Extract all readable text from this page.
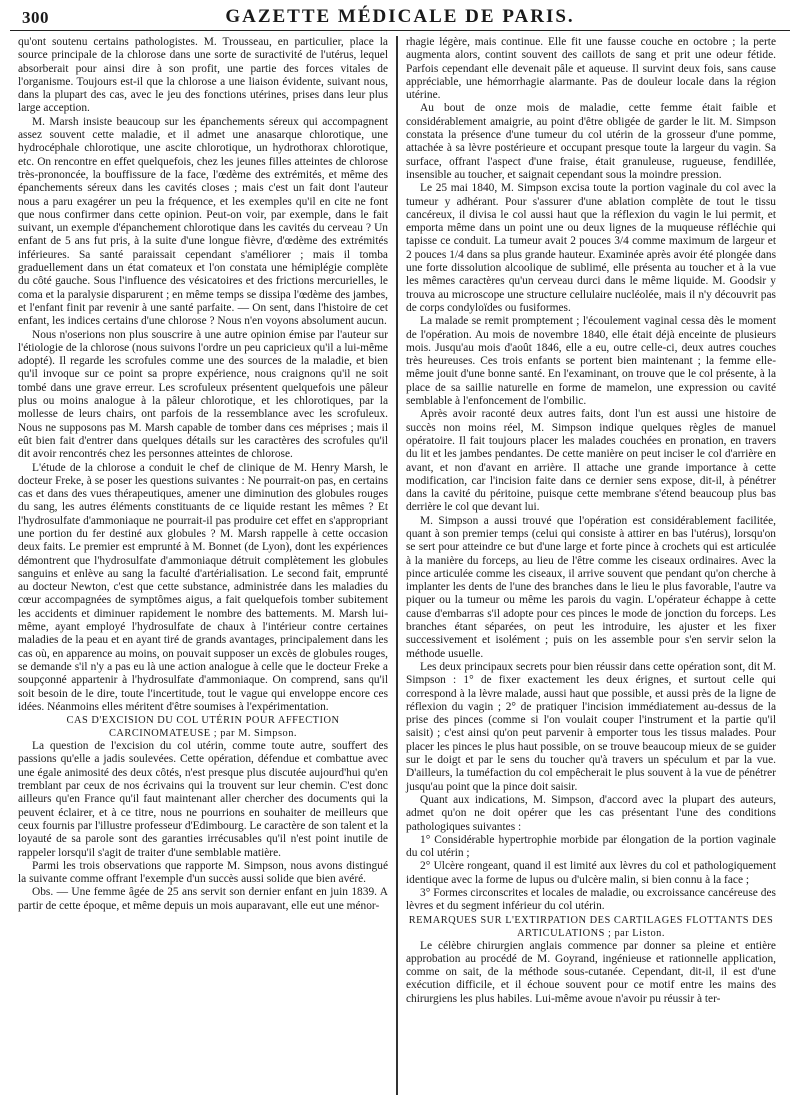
300	GAZETTE MÉDICALE DE PARIS.

qu'ont soutenu certains pathologistes. M. Trousseau, en particulier, place la source principale de la chlorose dans une sorte de suractivité de l'utérus, lequel absorberait pour ainsi dire à son profit, une partie des forces vitales de l'organisme. Toujours est-il que la chlorose a une liaison évidente, suivant nous, dans la plupart des cas, avec le jeu des fonctions utérines, prises dans leur plus large acception.

M. Marsh insiste beaucoup sur les épanchements séreux qui accompagnent assez souvent cette maladie, et il admet une anasarque chlorotique, une hydrocéphale chlorotique, une ascite chlorotique, un hydrothorax chlorotique, etc. On rencontre en effet quelquefois, chez les jeunes filles atteintes de chlorose très-prononcée, la bouffissure de la face, l'œdème des extrémités, et même des épanchements séreux dans les cavités closes ; mais c'est un fait dont l'auteur nous a paru exagérer un peu la fréquence, et les exemples qu'il en cite ne font que nous confirmer dans cette opinion. Peut-on voir, par exemple, dans le fait suivant, un exemple d'épanchement chlorotique dans les cavités du cerveau ? Un enfant de 5 ans fut pris, à la suite d'une longue fièvre, d'œdème des extrémités inférieures. Sa santé paraissait cependant s'améliorer ; mais il tomba graduellement dans un état comateux et l'on constata une hémiplégie complète du côté gauche. Sous l'influence des vésicatoires et des frictions mercurielles, le coma et la paralysie disparurent ; en même temps se dissipa l'œdème des jambes, et l'enfant finit par revenir à une santé parfaite. — On sent, dans l'histoire de cet enfant, les indices certains d'une chlorose ? Nous n'en voyons absolument aucun.

Nous n'oserions non plus souscrire à une autre opinion émise par l'auteur sur l'étiologie de la chlorose (nous suivons l'ordre un peu capricieux qu'il a lui-même adopté). Il regarde les scrofules comme une des sources de la maladie, et bien qu'il invoque sur ce point sa propre expérience, nous craignons qu'il ne soit tombé dans une grave erreur. Les scrofuleux présentent quelquefois une pâleur plus ou moins analogue à la pâleur chlorotique, et les chlorotiques, par la mollesse de leurs chairs, ont parfois de la ressemblance avec les scrofuleux. Nous ne supposons pas M. Marsh capable de tomber dans ces méprises ; mais il eût bien fait d'entrer dans quelques détails sur les caractères des scrofules qu'il dit avoir rencontrés chez les personnes atteintes de chlorose.

L'étude de la chlorose a conduit le chef de clinique de M. Henry Marsh, le docteur Freke, à se poser les questions suivantes : Ne pourrait-on pas, en certains cas et dans des vues thérapeutiques, amener une diminution des globules rouges du sang, les autres éléments constituants de ce liquide restant les mêmes ? Et l'hydrosulfate d'ammoniaque ne pourrait-il pas produire cet effet en s'appropriant une portion du fer destiné aux globules ? M. Marsh rappelle à cette occasion deux faits. Le premier est emprunté à M. Bonnet (de Lyon), dont les expériences démontrent que l'hydrosulfate d'ammoniaque détruit complètement les globules sanguins et enlève au sang la faculté d'artérialisation. Le second fait, emprunté au docteur Newton, c'est que cette substance, administrée dans les maladies du cœur accompagnées de symptômes aigus, a fait quelquefois tomber subitement les accidents et diminuer rapidement le nombre des battements. M. Marsh lui-même, ayant employé l'hydrosulfate de chaux à l'intérieur contre certaines maladies de la peau et en ayant tiré de grands avantages, principalement dans les cas où, en apparence au moins, on pouvait supposer un excès de globules rouges, se demande s'il n'y a pas eu là une action analogue à celle que le docteur Freke a soupçonné appartenir à l'hydrosulfate d'ammoniaque. On comprend, sans qu'il soit besoin de le dire, toute l'incertitude, tout le vague qui enveloppe encore ces idées. Néanmoins elles méritent d'être soumises à l'expérimentation.

CAS D'EXCISION DU COL UTÉRIN POUR AFFECTION CARCINOMATEUSE ; par M. Simpson.

La question de l'excision du col utérin, comme toute autre, souffert des passions qu'elle a jadis soulevées. Cette opération, défendue et combattue avec une égale animosité des deux côtés, n'est presque plus discutée aujourd'hui qu'en tremblant par ceux de nos écrivains qui la trouvent sur leur chemin. C'est donc ailleurs qu'en France qu'il faut maintenant aller chercher des documents qui la peuvent éclairer, et à ce titre, nous ne pourrions en souhaiter de meilleurs que ceux fournis par l'illustre professeur d'Edimbourg. Le caractère de son talent et la loyauté de sa parole sont des garanties irrécusables qu'il n'est point inutile de rappeler lorsqu'il s'agit de traiter d'une semblable matière.

Parmi les trois observations que rapporte M. Simpson, nous avons distingué la suivante comme offrant l'exemple d'un succès aussi solide que bien avéré.

Obs. — Une femme âgée de 25 ans servit son dernier enfant en juin 1839. A partir de cette époque, et même depuis un mois auparavant, elle eut une ménor-

rhagie légère, mais continue. Elle fit une fausse couche en octobre ; la perte augmenta alors, contint souvent des caillots de sang et prit une odeur fétide. Parfois cependant elle devenait pâle et aqueuse. Il survint deux fois, sans cause appréciable, une hémorrhagie alarmante. Pas de douleur locale dans la région utérine.

Au bout de onze mois de maladie, cette femme était faible et considérablement amaigrie, au point d'être obligée de garder le lit. M. Simpson constata la présence d'une tumeur du col utérin de la grosseur d'une pomme, attachée à sa lèvre postérieure et occupant presque toute la largeur du vagin. Sa surface, offrant l'aspect d'une fraise, était granuleuse, rugueuse, fendillée, insensible au toucher, et saignait cependant sous la moindre pression.

Le 25 mai 1840, M. Simpson excisa toute la portion vaginale du col avec la tumeur y adhérant. Pour s'assurer d'une ablation complète de tout le tissu cancéreux, il divisa le col aussi haut que la réflexion du vagin le lui permit, et emporta même dans un point une ou deux lignes de la muqueuse réfléchie qui tapisse ce conduit. La tumeur avait 2 pouces 3/4 comme maximum de largeur et 2 pouces 1/4 dans sa plus grande hauteur. Examinée après avoir été plongée dans une forte dissolution alcoolique de sublimé, elle présenta au toucher et à la vue les mêmes caractères qu'un cerveau durci dans le même liquide. M. Goodsir y trouva au microscope une structure cellulaire nucléolée, mais il n'y découvrit pas de corps condyloïdes ou fusiformes.

La malade se remit promptement ; l'écoulement vaginal cessa dès le moment de l'opération. Au mois de novembre 1840, elle était déjà enceinte de plusieurs mois. Jusqu'au mois d'août 1846, elle a eu, outre celle-ci, deux autres couches très heureuses. Ces trois enfants se portent bien maintenant ; la femme elle-même jouit d'une bonne santé. En l'examinant, on trouve que le col présente, à la place de sa saillie naturelle en forme de mamelon, une expression ou cavité semblable à l'enfoncement de l'ombilic.

Après avoir raconté deux autres faits, dont l'un est aussi une histoire de succès non moins réel, M. Simpson indique quelques règles de manuel opératoire. Il fait toujours placer les malades couchées en pronation, en travers du lit et les jambes pendantes. De cette manière on peut inciser le col d'arrière en avant, et non d'avant en arrière. Il attache une grande importance à cette modification, car l'incision faite dans ce dernier sens expose, dit-il, à pénétrer dans la cavité du péritoine, puisque cette membrane s'étend beaucoup plus bas derrière le col que devant lui.

M. Simpson a aussi trouvé que l'opération est considérablement facilitée, quant à son premier temps (celui qui consiste à attirer en bas l'utérus), lorsqu'on se sert pour atteindre ce but d'une large et forte pince à crochets qui est articulée à la manière du forceps, au lieu de l'être comme les ciseaux ordinaires. Avec la pince articulée comme les ciseaux, il arrive souvent que pendant qu'on cherche à implanter les dents de l'une des branches dans le lieu le plus favorable, l'autre va piquer ou la tumeur ou même les parois du vagin. L'opérateur échappe à cette cause d'embarras s'il adopte pour ces pinces le mode de jonction du forceps. Les branches étant séparées, on peut les introduire, les ajuster et les fixer successivement et isolément ; puis on les assemble pour s'en servir selon la méthode usuelle.

Les deux principaux secrets pour bien réussir dans cette opération sont, dit M. Simpson : 1° de fixer exactement les deux érignes, et surtout celle qui correspond à la lèvre malade, aussi haut que possible, et aussi près de la ligne de réflexion du vagin ; 2° de pratiquer l'incision immédiatement au-dessus de la prise des pinces (comme si l'on voulait couper l'instrument et la partie qu'il saisit) ; c'est ainsi qu'on peut parvenir à emporter tous les tissus malades. Pour placer les pinces le plus haut possible, on se trouve beaucoup mieux de se guider sur le doigt et par le sens du toucher qu'à travers un spéculum et par la vue. D'ailleurs, la tuméfaction du col empêcherait le plus souvent à la vue de pénétrer jusqu'au point que la pince doit saisir.

Quant aux indications, M. Simpson, d'accord avec la plupart des auteurs, admet qu'on ne doit opérer que les cas présentant l'une des conditions pathologiques suivantes :

1° Considérable hypertrophie morbide par élongation de la portion vaginale du col utérin ;

2° Ulcère rongeant, quand il est limité aux lèvres du col et pathologiquement identique avec la forme de lupus ou d'ulcère malin, si bien connu à la face ;

3° Formes circonscrites et locales de maladie, ou excroissance cancéreuse des lèvres et du segment inférieur du col utérin.

REMARQUES SUR L'EXTIRPATION DES CARTILAGES FLOTTANTS DES ARTICULATIONS ; par Liston.

Le célèbre chirurgien anglais commence par donner sa pleine et entière approbation au procédé de M. Goyrand, ingénieuse et rationnelle application, comme on sait, de la méthode sous-cutanée. Cependant, dit-il, il est d'une exécution difficile, et il échoue souvent pour ce motif entre les mains des chirurgiens les plus habiles. Lui-même avoue n'avoir pu réussir à ter-
